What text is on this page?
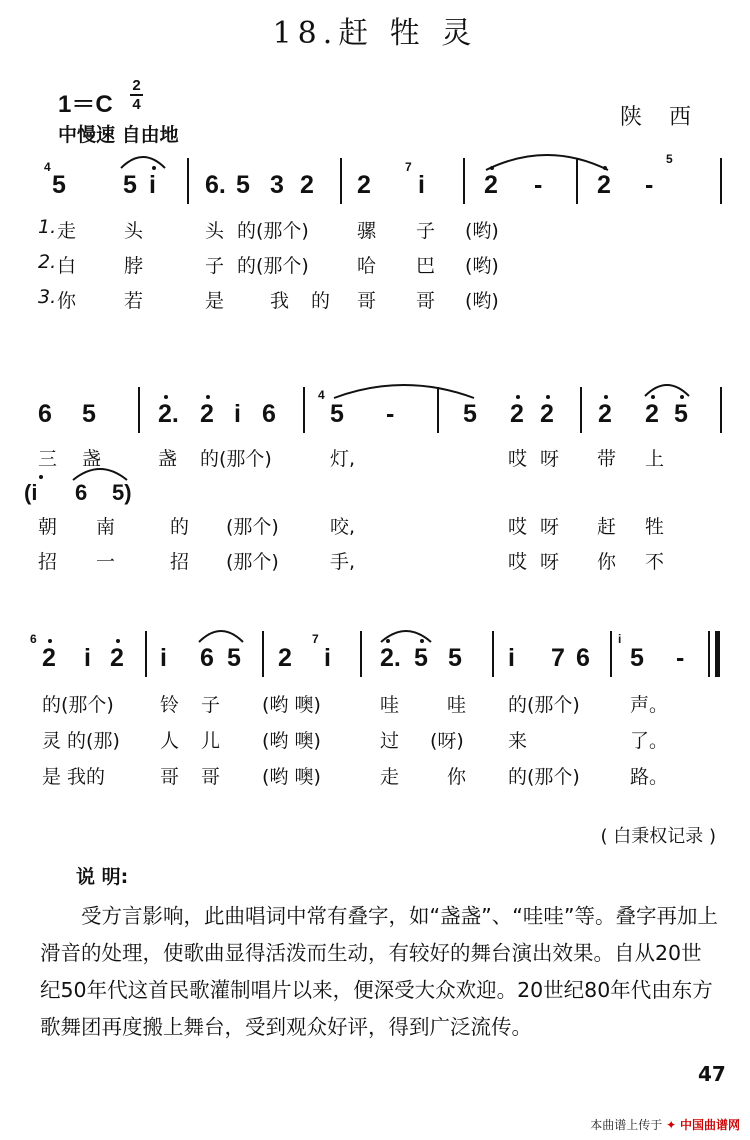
18.赶 牲 灵
1＝C
2
4
中慢速 自由地
陕 西
4
5 5 i 6. 5 3 2 2
7
i 2 - 2 -
5
1. 走	头	头 的(那个)	骡 子 (哟)
2. 白	脖	子 的(那个)	哈 巴 (哟)
3. 你	若	是 我的 哥 哥 (哟)
6 5 2. 2 i 6
4
5 -	5 2 2 2 2 5
三 盏	盏 的(那个)	灯,	哎 呀 带 上
(i 6 5)
朝 南	的 (那个)	咬,	哎 呀 赶 牲
招 一	招 (那个)	手,	哎 呀 你 不
6
2 i 2 i 6 5 2
7
i 2. 5 5 i 7 6
i
5 -
的(那个) 铃 子 (哟 噢)	哇	哇 的(那个)	声。
灵 的(那) 人 儿 (哟 噢)	过 (呀) 来	了。
是 我的	哥 哥 (哟 噢)	走	你 的(那个)	路。
( 白秉权记录 )
说 明:

受方言影响，此曲唱词中常有叠字，如“盏盏”、“哇哇”等。叠字再加上滑音的处理，使歌曲显得活泼而生动，有较好的舞台演出效果。自从20世纪50年代这首民歌灌制唱片以来，便深受大众欢迎。20世纪80年代由东方歌舞团再度搬上舞台，受到观众好评，得到广泛流传。

47
本曲谱上传于 ✦ 中国曲谱网
